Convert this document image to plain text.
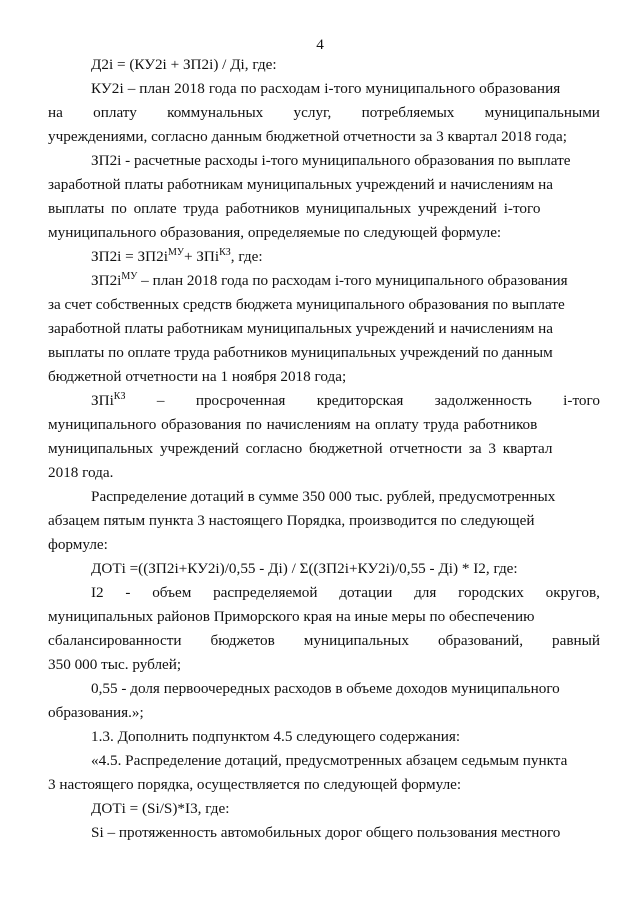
4
Д2i = (КУ2i + ЗП2i) / Дi, где:
КУ2i – план 2018 года по расходам i-того муниципального образования
на оплату коммунальных услуг, потребляемых муниципальными
учреждениями, согласно данным бюджетной отчетности за 3 квартал 2018 года;
ЗП2i - расчетные расходы i-того муниципального образования по выплате
заработной платы работникам муниципальных учреждений и начислениям на
выплаты по оплате труда работников муниципальных учреждений i-того
муниципального образования, определяемые по следующей формуле:
$ЗП2i = ЗП2i^{МУ}+ ЗПi^{КЗ}$, где:
$ЗП2i^{МУ}$ – план 2018 года по расходам i-того муниципального образования
за счет собственных средств бюджета муниципального образования по выплате
заработной платы работникам муниципальных учреждений и начислениям на
выплаты по оплате труда работников муниципальных учреждений по данным
бюджетной отчетности на 1 ноября 2018 года;
ЗПi$^{КЗ}$ – просроченная кредиторская задолженность i-того
муниципального образования по начислениям на оплату труда работников
муниципальных учреждений согласно бюджетной отчетности за 3 квартал
2018 года.
Распределение дотаций в сумме 350 000 тыс. рублей, предусмотренных
абзацем пятым пункта 3 настоящего Порядка, производится по следующей
формуле:
ДОТi =((ЗП2i+КУ2i)/0,55 - Дi) / Σ((ЗП2i+КУ2i)/0,55 - Дi) * I2, где:
I2 - объем распределяемой дотации для городских округов,
муниципальных районов Приморского края на иные меры по обеспечению
сбалансированности бюджетов муниципальных образований, равный
350 000 тыс. рублей;
0,55 - доля первоочередных расходов в объеме доходов муниципального
образования.»;
1.3. Дополнить подпунктом 4.5 следующего содержания:
«4.5. Распределение дотаций, предусмотренных абзацем седьмым пункта
3 настоящего порядка, осуществляется по следующей формуле:
ДОТi = (Si/S)*I3, где:
Si – протяженность автомобильных дорог общего пользования местного
